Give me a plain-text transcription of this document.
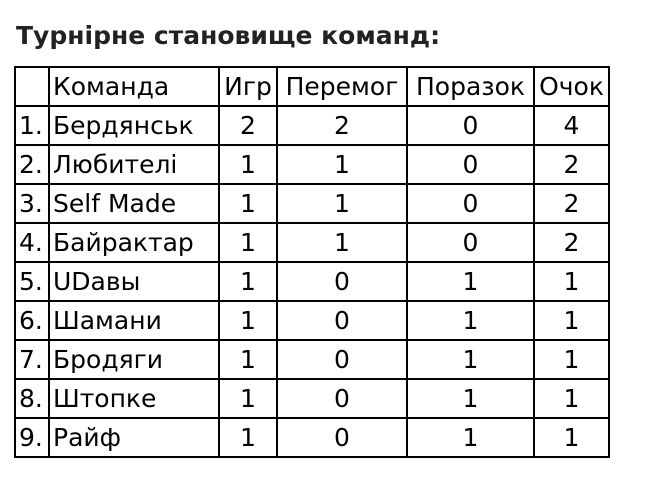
Турнірне становище команд:
	Команда	Игр	Перемог	Поразок	Очок
1.	Бердянськ	2	2	0	4
2.	Любителі	1	1	0	2
3.	Self Made	1	1	0	2
4.	Байрактар	1	1	0	2
5.	UDавы	1	0	1	1
6.	Шамани	1	0	1	1
7.	Бродяги	1	0	1	1
8.	Штопке	1	0	1	1
9.	Райф	1	0	1	1
